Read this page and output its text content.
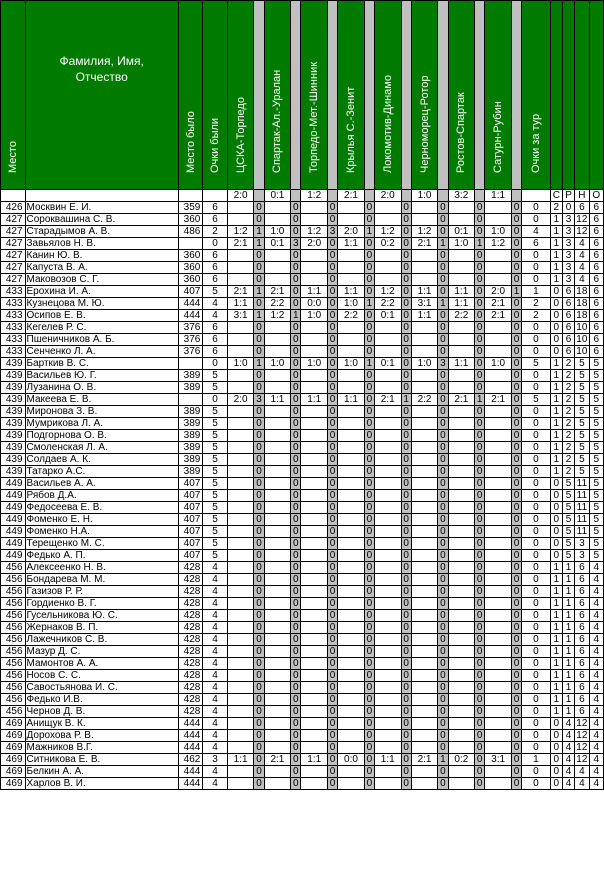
Место	Фамилия, Имя,
Отчество	Место было	Очки были	ЦСКА-Торпедо		Спартак-Ал.-Уралан		Торпедо-Мет.-Шинник		Крылья С.-Зенит		Локомотив-Динамо		Черноморец-Ротор		Ростов-Спартак		Сатурн-Рубин		Очки за тур				

				2:0		0:1		1:2		2:1		2:0		1:0		3:2		1:1			С	Р	Н	О
426	Москвин Е. И.	359	6		0		0		0		0		0		0		0		0	0	2	0	6	6
427	Сороквашина С. В.	360	6		0		0		0		0		0		0		0		0	0	1	3	12	6
427	Старадымов А. В.	486	2	1:2	1	1:0	0	1:2	3	2:0	1	1:2	0	1:2	0	0:1	0	1:0	0	4	1	3	12	6
427	Завьялов Н. В.		0	2:1	1	0:1	3	2:0	0	1:1	0	0:2	0	2:1	1	1:0	1	1:2	0	6	1	3	4	6
427	Канин Ю. В.	360	6		0		0		0		0		0		0		0		0	0	1	3	4	6
427	Капуста В. А.	360	6		0		0		0		0		0		0		0		0	0	1	3	4	6
427	Маковозов С. Г.	360	6		0		0		0		0		0		0		0		0	0	1	3	4	6
433	Ерохина И. А.	407	5	2:1	1	2:1	0	1:1	0	1:1	0	1:2	0	1:1	0	1:1	0	2:0	1	1	0	6	18	6
433	Кузнецова М. Ю.	444	4	1:1	0	2:2	0	0:0	0	1:0	1	2:2	0	3:1	1	1:1	0	2:1	0	2	0	6	18	6
433	Осипов Е. В.	444	4	3:1	1	1:2	1	1:0	0	2:2	0	0:1	0	1:1	0	2:2	0	2:1	0	2	0	6	18	6
433	Кегелев Р. С.	376	6		0		0		0		0		0		0		0		0	0	0	6	10	6
433	Пшеничников А. Б.	376	6		0		0		0		0		0		0		0		0	0	0	6	10	6
433	Сенченко Л. А.	376	6		0		0		0		0		0		0		0		0	0	0	6	10	6
439	Барткив В. С.		0	1:0	1	1:0	0	1:0	0	1:0	1	0:1	0	1:0	3	1:1	0	1:0	0	5	1	2	5	5
439	Васильев Ю. Г.	389	5		0		0		0		0		0		0		0		0	0	1	2	5	5
439	Лузанина О. В.	389	5		0		0		0		0		0		0		0		0	0	1	2	5	5
439	Макеева Е. В.		0	2:0	3	1:1	0	1:1	0	1:1	0	2:1	1	2:2	0	2:1	1	2:1	0	5	1	2	5	5
439	Миронова З. В.	389	5		0		0		0		0		0		0		0		0	0	1	2	5	5
439	Мумрикова Л. А.	389	5		0		0		0		0		0		0		0		0	0	1	2	5	5
439	Подгорнова О. В.	389	5		0		0		0		0		0		0		0		0	0	1	2	5	5
439	Смоленская Л. А.	389	5		0		0		0		0		0		0		0		0	0	1	2	5	5
439	Солдаев А. К.	389	5		0		0		0		0		0		0		0		0	0	1	2	5	5
439	Татарко А.С.	389	5		0		0		0		0		0		0		0		0	0	1	2	5	5
449	Васильев А. А.	407	5		0		0		0		0		0		0		0		0	0	0	5	11	5
449	Рябов Д.А.	407	5		0		0		0		0		0		0		0		0	0	0	5	11	5
449	Федосеева Е. В.	407	5		0		0		0		0		0		0		0		0	0	0	5	11	5
449	Фоменко Е. Н.	407	5		0		0		0		0		0		0		0		0	0	0	5	11	5
449	Фоменко Н.А.	407	5		0		0		0		0		0		0		0		0	0	0	5	11	5
449	Терещенко М. С.	407	5		0		0		0		0		0		0		0		0	0	0	5	3	5
449	Федько А. П.	407	5		0		0		0		0		0		0		0		0	0	0	5	3	5
456	Алексеенко Н. В.	428	4		0		0		0		0		0		0		0		0	0	1	1	6	4
456	Бондарева М. М.	428	4		0		0		0		0		0		0		0		0	0	1	1	6	4
456	Газизов Р. Р.	428	4		0		0		0		0		0		0		0		0	0	1	1	6	4
456	Гордиенко В. Г.	428	4		0		0		0		0		0		0		0		0	0	1	1	6	4
456	Гусельникова Ю. С.	428	4		0		0		0		0		0		0		0		0	0	1	1	6	4
456	Жернаков В. П.	428	4		0		0		0		0		0		0		0		0	0	1	1	6	4
456	Лажечников С. В.	428	4		0		0		0		0		0		0		0		0	0	1	1	6	4
456	Мазур Д. С.	428	4		0		0		0		0		0		0		0		0	0	1	1	6	4
456	Мамонтов А. А.	428	4		0		0		0		0		0		0		0		0	0	1	1	6	4
456	Носов С. С.	428	4		0		0		0		0		0		0		0		0	0	1	1	6	4
456	Савостьянова И. С.	428	4		0		0		0		0		0		0		0		0	0	1	1	6	4
456	Федько И.В.	428	4		0		0		0		0		0		0		0		0	0	1	1	6	4
456	Чернов Д. В.	428	4		0		0		0		0		0		0		0		0	0	1	1	6	4
469	Анищук В. К.	444	4		0		0		0		0		0		0		0		0	0	0	4	12	4
469	Дорохова Р. В.	444	4		0		0		0		0		0		0		0		0	0	0	4	12	4
469	Мажников В.Г.	444	4		0		0		0		0		0		0		0		0	0	0	4	12	4
469	Ситникова Е. В.	462	3	1:1	0	2:1	0	1:1	0	0:0	0	1:1	0	2:1	1	0:2	0	3:1	0	1	0	4	12	4
469	Белкин А. А.	444	4		0		0		0		0		0		0		0		0	0	0	4	4	4
469	Харлов В. И.	444	4		0		0		0		0		0		0		0		0	0	0	4	4	4
